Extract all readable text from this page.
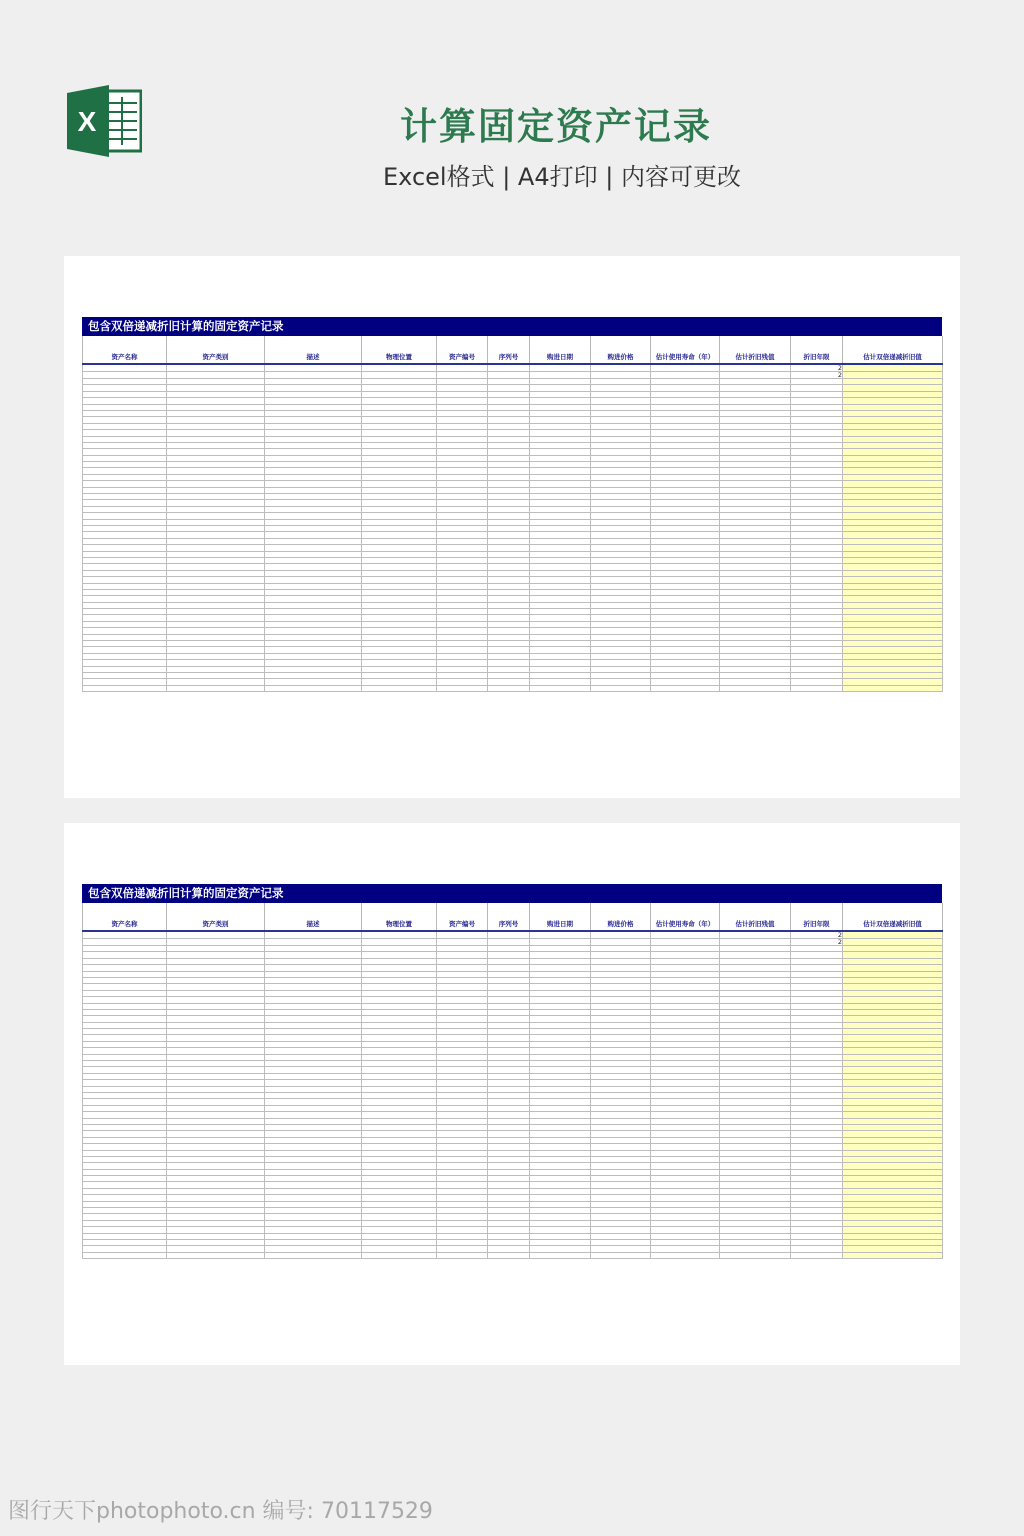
X	计算固定资产记录
Excel格式 | A4打印 | 内容可更改
包含双倍递减折旧计算的固定资产记录
资产名称	资产类别	描述	物理位置	资产编号	序列号	购进日期	购进价格	估计使用寿命（年）	估计折旧残值	折旧年限	估计双倍递减折旧值
										2	
										2	

包含双倍递减折旧计算的固定资产记录
资产名称	资产类别	描述	物理位置	资产编号	序列号	购进日期	购进价格	估计使用寿命（年）	估计折旧残值	折旧年限	估计双倍递减折旧值
										2	
										2	

图行天下photophoto.cn 编号: 70117529
